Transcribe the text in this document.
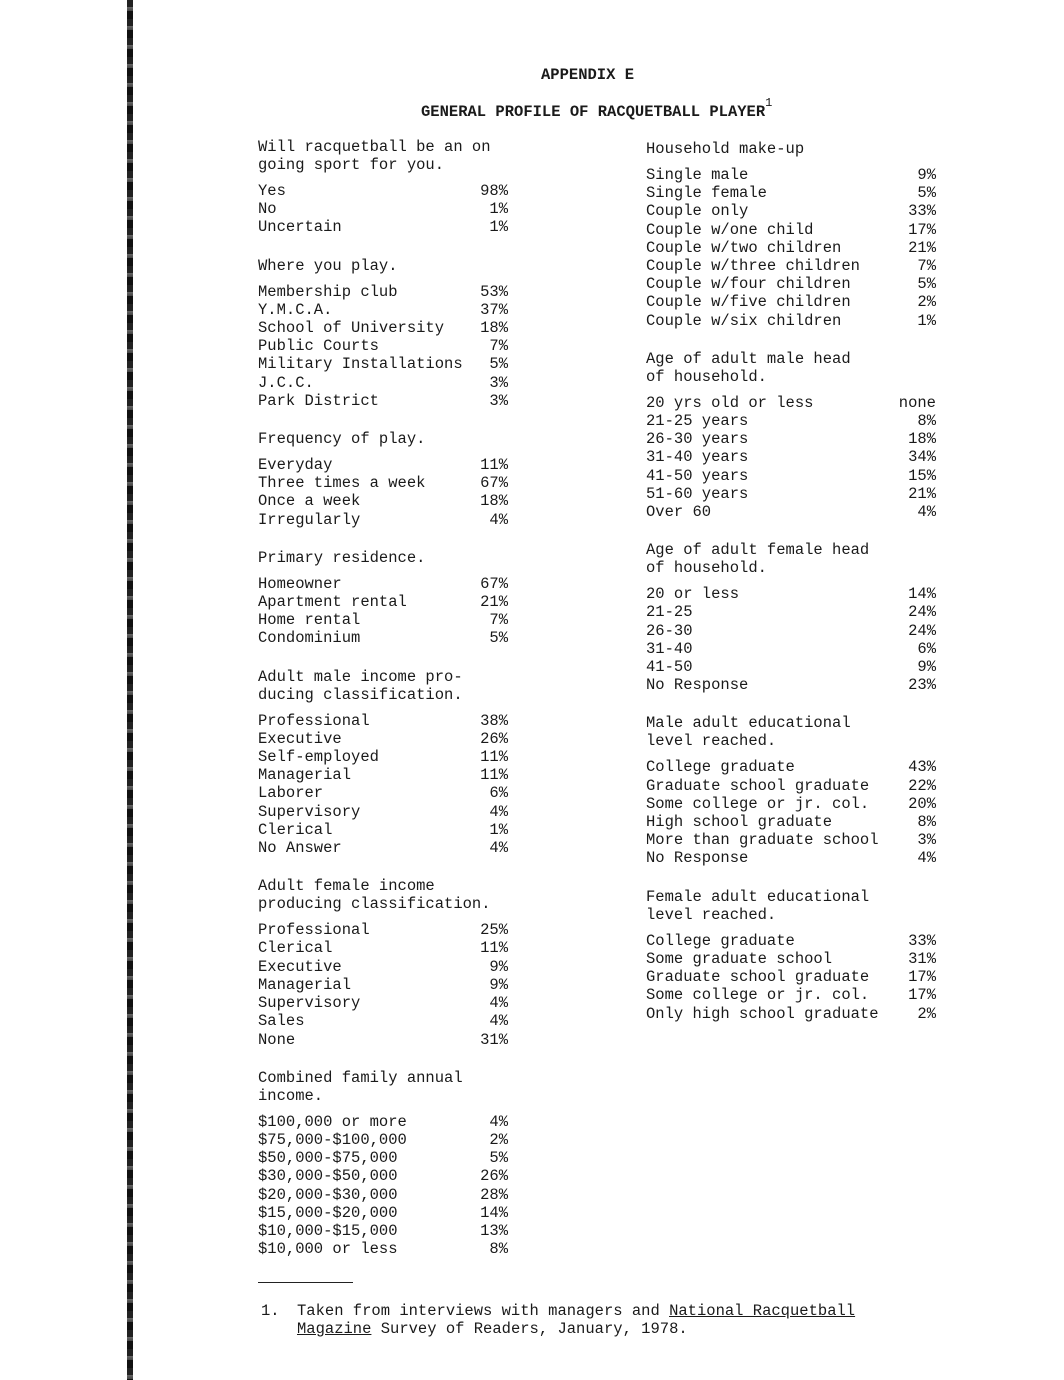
APPENDIX E
GENERAL PROFILE OF RACQUETBALL PLAYER$^1$
Will racquetball be an on
going sport for you.
Yes	98%
No	1%
Uncertain	1%
Where you play.
Membership club	53%
Y.M.C.A.	37%
School of University 18%
Public Courts	7%
Military Installations 5%
J.C.C.	3%
Park District	3%
Frequency of play.
Everyday	11%
Three times a week	67%
Once a week	18%
Irregularly	4%
Primary residence.
Homeowner	67%
Apartment rental	21%
Home rental	7%
Condominium	5%
Adult male income pro-
ducing classification.
Professional	38%
Executive	26%
Self-employed	11%
Managerial	11%
Laborer	6%
Supervisory	4%
Clerical	1%
No Answer	4%
Adult female income
producing classification.
Professional	25%
Clerical	11%
Executive	9%
Managerial	9%
Supervisory	4%
Sales	4%
None	31%
Combined family annual
income.
$100,000 or more	4%
$75,000-$100,000	2%
$50,000-$75,000	5%
$30,000-$50,000	26%
$20,000-$30,000	28%
$15,000-$20,000	14%
$10,000-$15,000	13%
$10,000 or less	8%
Household make-up
Single male	9%
Single female	5%
Couple only	33%
Couple w/one child	17%
Couple w/two children	21%
Couple w/three children	7%
Couple w/four children	5%
Couple w/five children	2%
Couple w/six children	1%
Age of adult male head
of household.
20 yrs old or less	none
21-25 years	8%
26-30 years	18%
31-40 years	34%
41-50 years	15%
51-60 years	21%
Over 60	4%
Age of adult female head
of household.
20 or less	14%
21-25	24%
26-30	24%
31-40	6%
41-50	9%
No Response	23%
Male adult educational
level reached.
College graduate	43%
Graduate school graduate	22%
Some college or jr. col.	20%
High school graduate	8%
More than graduate school	3%
No Response	4%
Female adult educational
level reached.
College graduate	33%
Some graduate school	31%
Graduate school graduate	17%
Some college or jr. col.	17%
Only high school graduate	2%
1.	Taken from interviews with managers and National Racquetball Magazine Survey of Readers, January, 1978.
